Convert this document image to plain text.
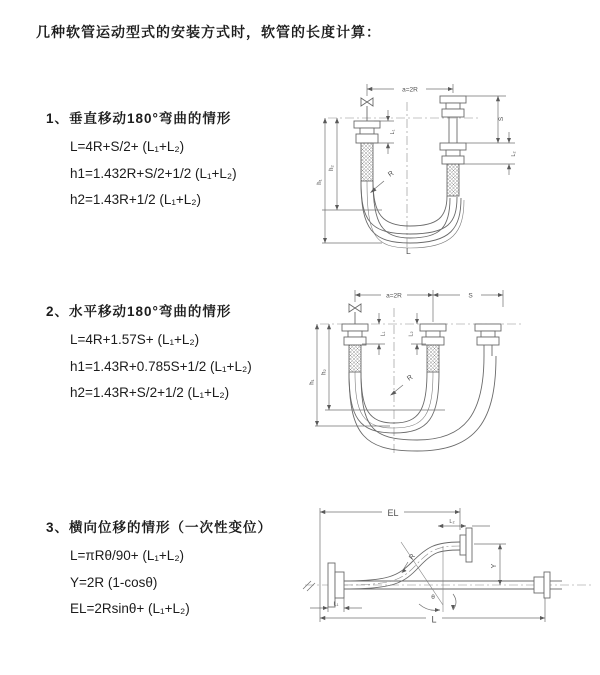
几种软管运动型式的安装方式时，软管的长度计算：
1、垂直移动180°弯曲的情形
L=4R+S/2+ (L₁+L₂)
h1=1.432R+S/2+1/2 (L₁+L₂)
h2=1.43R+1/2 (L₁+L₂)
2、水平移动180°弯曲的情形
L=4R+1.57S+ (L₁+L₂)
h1=1.43R+0.785S+1/2 (L₁+L₂)
h2=1.43R+S/2+1/2 (L₁+L₂)
3、横向位移的情形（一次性变位）
L=πRθ/90+ (L₁+L₂)
Y=2R (1-cosθ)
EL=2Rsinθ+ (L₁+L₂)
a=2R
R
L
h₁
h₂
L₁
S
L₂
a=2R	S
R
h₁
h₂
L₁	L₂
EL
L₂
Y
θ
R
L
L₁
